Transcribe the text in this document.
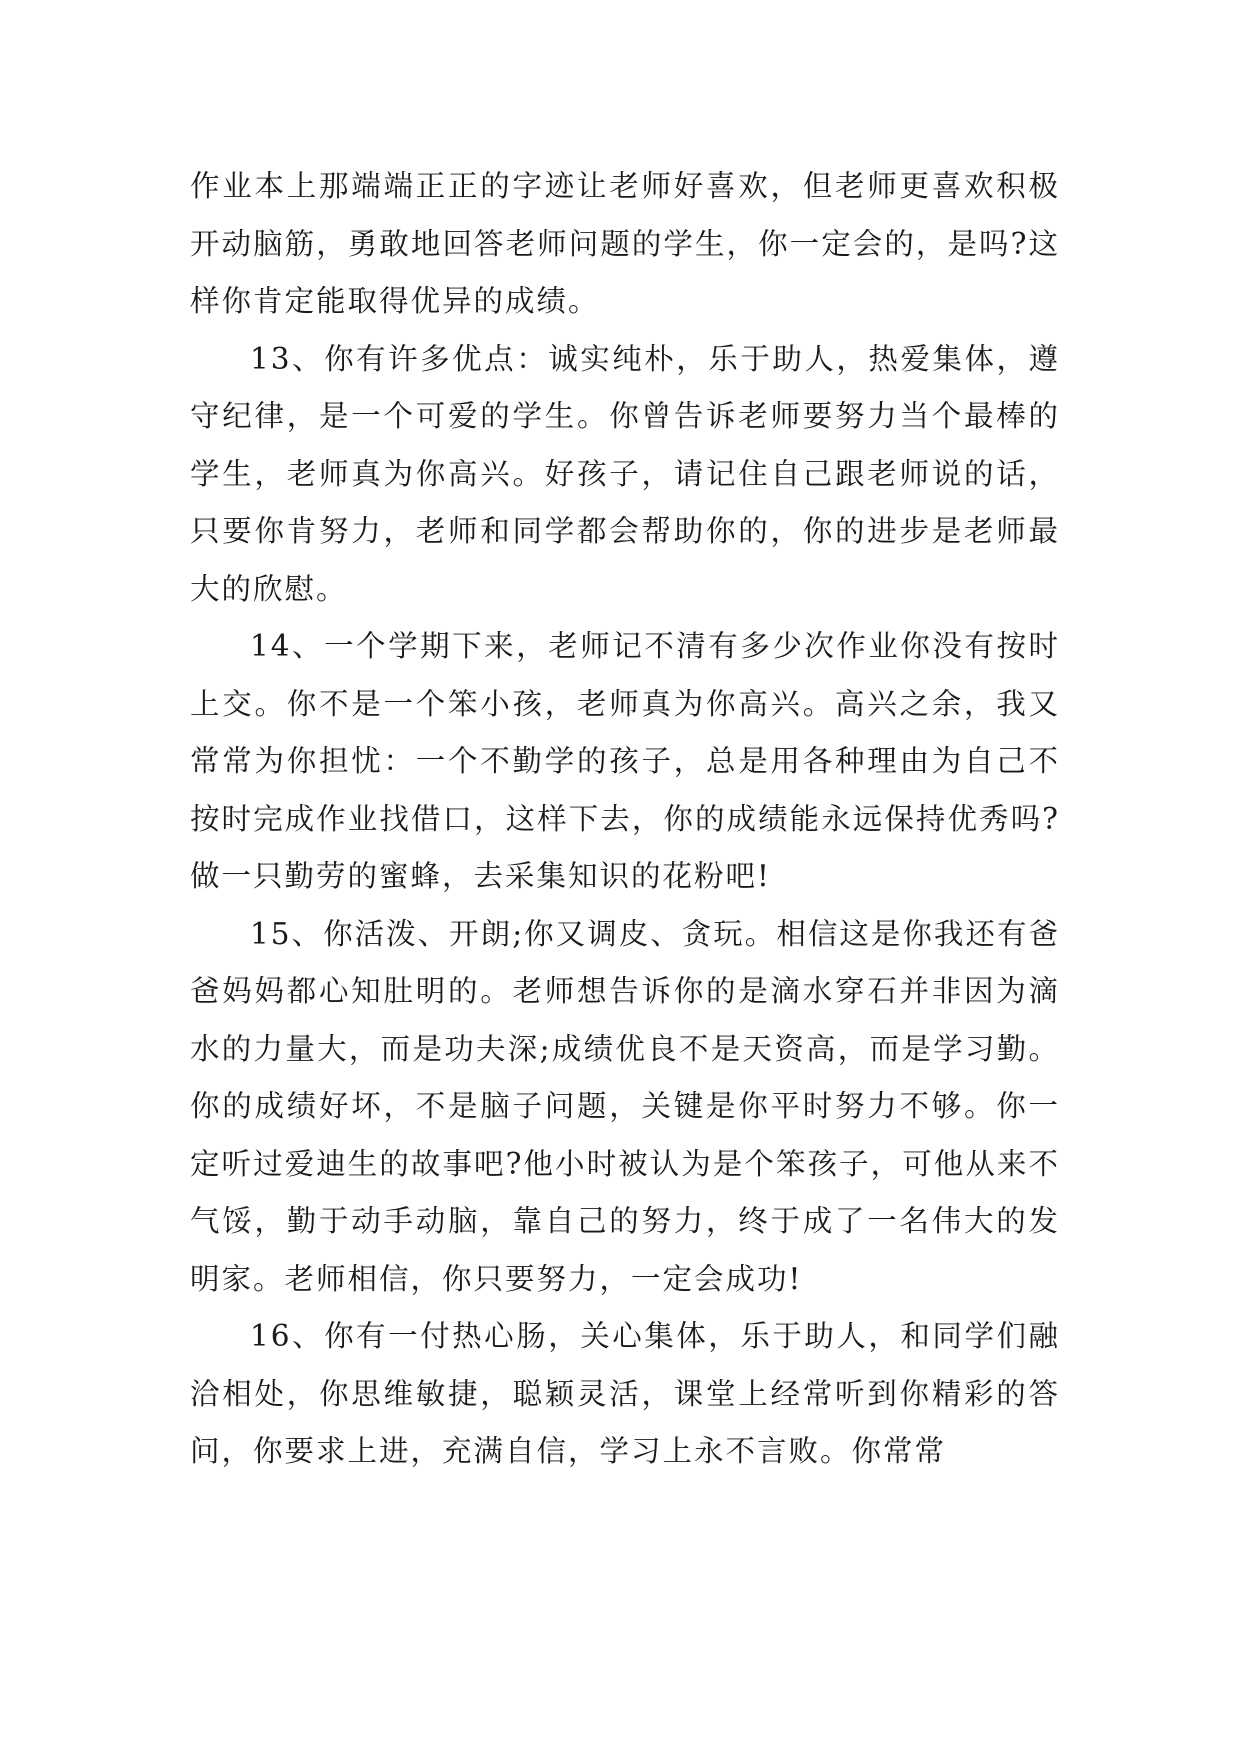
作业本上那端端正正的字迹让老师好喜欢，但老师更喜欢积极开动脑筋，勇敢地回答老师问题的学生，你一定会的，是吗?这样你肯定能取得优异的成绩。

13、你有许多优点：诚实纯朴，乐于助人，热爱集体，遵守纪律，是一个可爱的学生。你曾告诉老师要努力当个最棒的学生，老师真为你高兴。好孩子，请记住自己跟老师说的话，只要你肯努力，老师和同学都会帮助你的，你的进步是老师最大的欣慰。

14、一个学期下来，老师记不清有多少次作业你没有按时上交。你不是一个笨小孩，老师真为你高兴。高兴之余，我又常常为你担忧：一个不勤学的孩子，总是用各种理由为自己不按时完成作业找借口，这样下去，你的成绩能永远保持优秀吗?做一只勤劳的蜜蜂，去采集知识的花粉吧!

15、你活泼、开朗;你又调皮、贪玩。相信这是你我还有爸爸妈妈都心知肚明的。老师想告诉你的是滴水穿石并非因为滴水的力量大，而是功夫深;成绩优良不是天资高，而是学习勤。你的成绩好坏，不是脑子问题，关键是你平时努力不够。你一定听过爱迪生的故事吧?他小时被认为是个笨孩子，可他从来不气馁，勤于动手动脑，靠自己的努力，终于成了一名伟大的发明家。老师相信，你只要努力，一定会成功!

16、你有一付热心肠，关心集体，乐于助人，和同学们融洽相处，你思维敏捷，聪颖灵活，课堂上经常听到你精彩的答问，你要求上进，充满自信，学习上永不言败。你常常
